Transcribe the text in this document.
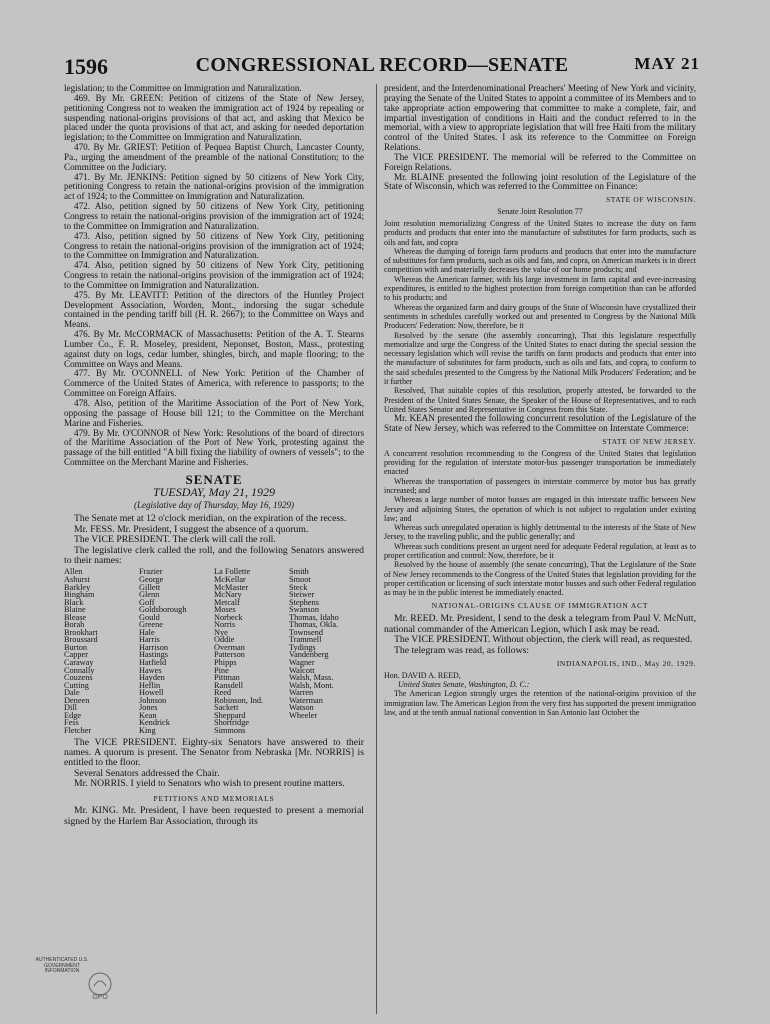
1596	CONGRESSIONAL RECORD—SENATE	MAY 21

legislation; to the Committee on Immigration and Naturalization.

469. By Mr. GREEN: Petition of citizens of the State of New Jersey, petitioning Congress not to weaken the immigration act of 1924 by repealing or suspending national-origins provisions of that act, and asking that Mexico be placed under the quota provisions of that act, and asking for needed deportation legislation; to the Committee on Immigration and Naturalization.

470. By Mr. GRIEST: Petition of Pequea Baptist Church, Lancaster County, Pa., urging the amendment of the preamble of the national Constitution; to the Committee on the Judiciary.

471. By Mr. JENKINS: Petition signed by 50 citizens of New York City, petitioning Congress to retain the national-origins provision of the immigration act of 1924; to the Committee on Immigration and Naturalization.

472. Also, petition signed by 50 citizens of New York City, petitioning Congress to retain the national-origins provision of the immigration act of 1924; to the Committee on Immigration and Naturalization.

473. Also, petition signed by 50 citizens of New York City, petitioning Congress to retain the national-origins provision of the immigration act of 1924; to the Committee on Immigration and Naturalization.

474. Also, petition signed by 50 citizens of New York City, petitioning Congress to retain the national-origins provision of the immigration act of 1924; to the Committee on Immigration and Naturalization.

475. By Mr. LEAVITT: Petition of the directors of the Huntley Project Development Association, Worden, Mont., indorsing the sugar schedule contained in the pending tariff bill (H. R. 2667); to the Committee on Ways and Means.

476. By Mr. McCORMACK of Massachusetts: Petition of the A. T. Stearns Lumber Co., F. R. Moseley, president, Neponset, Boston, Mass., protesting against duty on logs, cedar lumber, shingles, birch, and maple flooring; to the Committee on Ways and Means.

477. By Mr. O'CONNELL of New York: Petition of the Chamber of Commerce of the United States of America, with reference to passports; to the Committee on Foreign Affairs.

478. Also, petition of the Maritime Association of the Port of New York, opposing the passage of House bill 121; to the Committee on the Merchant Marine and Fisheries.

479. By Mr. O'CONNOR of New York: Resolutions of the board of directors of the Maritime Association of the Port of New York, protesting against the passage of the bill entitled "A bill fixing the liability of owners of vessels"; to the Committee on the Merchant Marine and Fisheries.

SENATE
TUESDAY, May 21, 1929
(Legislative day of Thursday, May 16, 1929)

The Senate met at 12 o'clock meridian, on the expiration of the recess.

Mr. FESS. Mr. President, I suggest the absence of a quorum.

The VICE PRESIDENT. The clerk will call the roll.

The legislative clerk called the roll, and the following Senators answered to their names:

Allen
Ashurst
Barkley
Bingham
Black
Blaine
Blease
Borah
Brookhart
Broussard
Burton
Capper
Caraway
Connally
Couzens
Cutting
Dale
Deneen
Dill
Edge
Fess
Fletcher
Frazier
George
Gillett
Glenn
Goff
Goldsborough
Gould
Greene
Hale
Harris
Harrison
Hastings
Hatfield
Hawes
Hayden
Heflin
Howell
Johnson
Jones
Kean
Kendrick
King
La Follette
McKellar
McMaster
McNary
Metcalf
Moses
Norbeck
Norris
Nye
Oddie
Overman
Patterson
Phipps
Pine
Pittman
Ransdell
Reed
Robinson, Ind.
Sackett
Sheppard
Shortridge
Simmons
Smith
Smoot
Steck
Steiwer
Stephens
Swanson
Thomas, Idaho
Thomas, Okla.
Townsend
Trammell
Tydings
Vandenberg
Wagner
Walcott
Walsh, Mass.
Walsh, Mont.
Warren
Waterman
Watson
Wheeler

The VICE PRESIDENT. Eighty-six Senators have answered to their names. A quorum is present. The Senator from Nebraska [Mr. NORRIS] is entitled to the floor.

Several Senators addressed the Chair.

Mr. NORRIS. I yield to Senators who wish to present routine matters.

PETITIONS AND MEMORIALS

Mr. KING. Mr. President, I have been requested to present a memorial signed by the Harlem Bar Association, through its

president, and the Interdenominational Preachers' Meeting of New York and vicinity, praying the Senate of the United States to appoint a committee of its Members and to take appropriate action empowering that committee to make a complete, fair, and impartial investigation of conditions in Haiti and the conduct referred to in the memorial, with a view to appropriate legislation that will free Haiti from the military control of the United States. I ask its reference to the Committee on Foreign Relations.

The VICE PRESIDENT. The memorial will be referred to the Committee on Foreign Relations.

Mr. BLAINE presented the following joint resolution of the Legislature of the State of Wisconsin, which was referred to the Committee on Finance:

STATE OF WISCONSIN.
Senate Joint Resolution 77

Joint resolution memorializing Congress of the United States to increase the duty on farm products and products that enter into the manufacture of substitutes for farm products, such as oils and fats, and copra

Whereas the dumping of foreign farm products and products that enter into the manufacture of substitutes for farm products, such as oils and fats, and copra, on American markets is in direct competition with and materially decreases the value of our home products; and

Whereas the American farmer, with his large investment in farm capital and ever-increasing expenditures, is entitled to the highest protection from foreign competition than can be afforded to his products; and

Whereas the organized farm and dairy groups of the State of Wisconsin have crystallized their sentiments in schedules carefully worked out and presented to Congress by the National Milk Producers' Federation: Now, therefore, be it

Resolved by the senate (the assembly concurring), That this legislature respectfully memorialize and urge the Congress of the United States to enact during the special session the necessary legislation which will revise the tariffs on farm products and products that enter into the manufacture of substitutes for farm products, such as oils and fats, and copra, to conform to the said schedules presented to the Congress by the National Milk Producers' Federation; and be it further

Resolved, That suitable copies of this resolution, properly attested, be forwarded to the President of the United States Senate, the Speaker of the House of Representatives, and to each United States Senator and Representative in Congress from this State.

Mr. KEAN presented the following concurrent resolution of the Legislature of the State of New Jersey, which was referred to the Committee on Interstate Commerce:

STATE OF NEW JERSEY.

A concurrent resolution recommending to the Congress of the United States that legislation providing for the regulation of interstate motor-bus passenger transportation be immediately enacted

Whereas the transportation of passengers in interstate commerce by motor bus has greatly increased; and

Whereas a large number of motor busses are engaged in this interstate traffic between New Jersey and adjoining States, the operation of which is not subject to regulation under existing law; and

Whereas such unregulated operation is highly detrimental to the interests of the State of New Jersey, to the traveling public, and the public generally; and

Whereas such conditions present an urgent need for adequate Federal regulation, at least as to proper certification and control: Now, therefore, be it

Resolved by the house of assembly (the senate concurring), That the Legislature of the State of New Jersey recommends to the Congress of the United States that legislation providing for the proper certification or licensing of such interstate motor busses and such other Federal regulation as may be in the public interest be immediately enacted.

NATIONAL-ORIGINS CLAUSE OF IMMIGRATION ACT

Mr. REED. Mr. President, I send to the desk a telegram from Paul V. McNutt, national commander of the American Legion, which I ask may be read.

The VICE PRESIDENT. Without objection, the clerk will read, as requested.

The telegram was read, as follows:

INDIANAPOLIS, IND., May 20, 1929.

Hon. DAVID A. REED,

United States Senate, Washington, D. C.:

The American Legion strongly urges the retention of the national-origins provision of the immigration law. The American Legion from the very first has supported the present immigration law, and at the tenth annual national convention in San Antonio last October the

AUTHENTICATED U.S. GOVERNMENT INFORMATION
GPO
